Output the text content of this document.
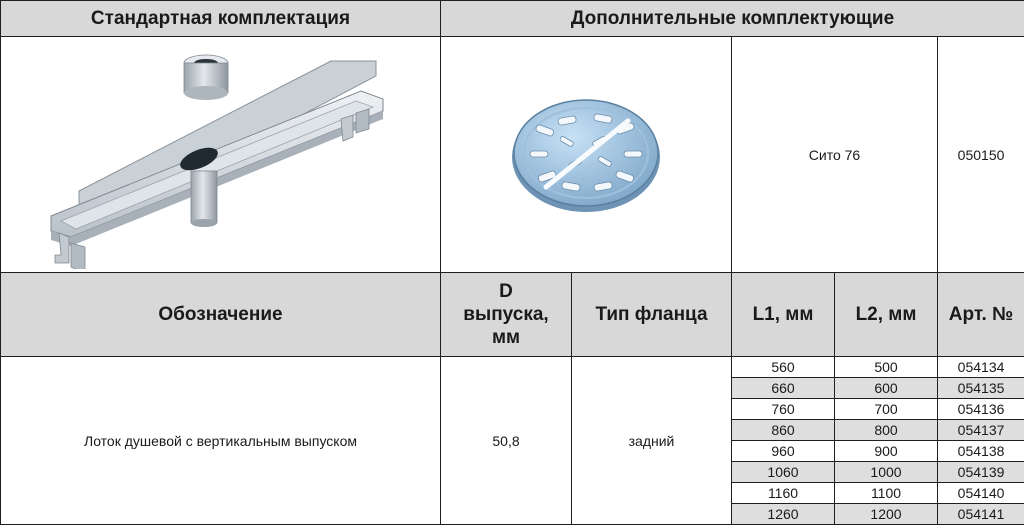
Стандартная комплектация	Дополнительные комплектующие				

	Сито 76		050150
Обозначение	D
выпуска,
мм	Тип фланца	L1, мм	L2, мм	Арт. №
Лоток душевой с вертикальным выпуском	50,8	задний	560	500	054134
			660	600	054135
			760	700	054136
			860	800	054137
			960	900	054138
			1060	1000	054139
			1160	1100	054140
			1260	1200	054141
